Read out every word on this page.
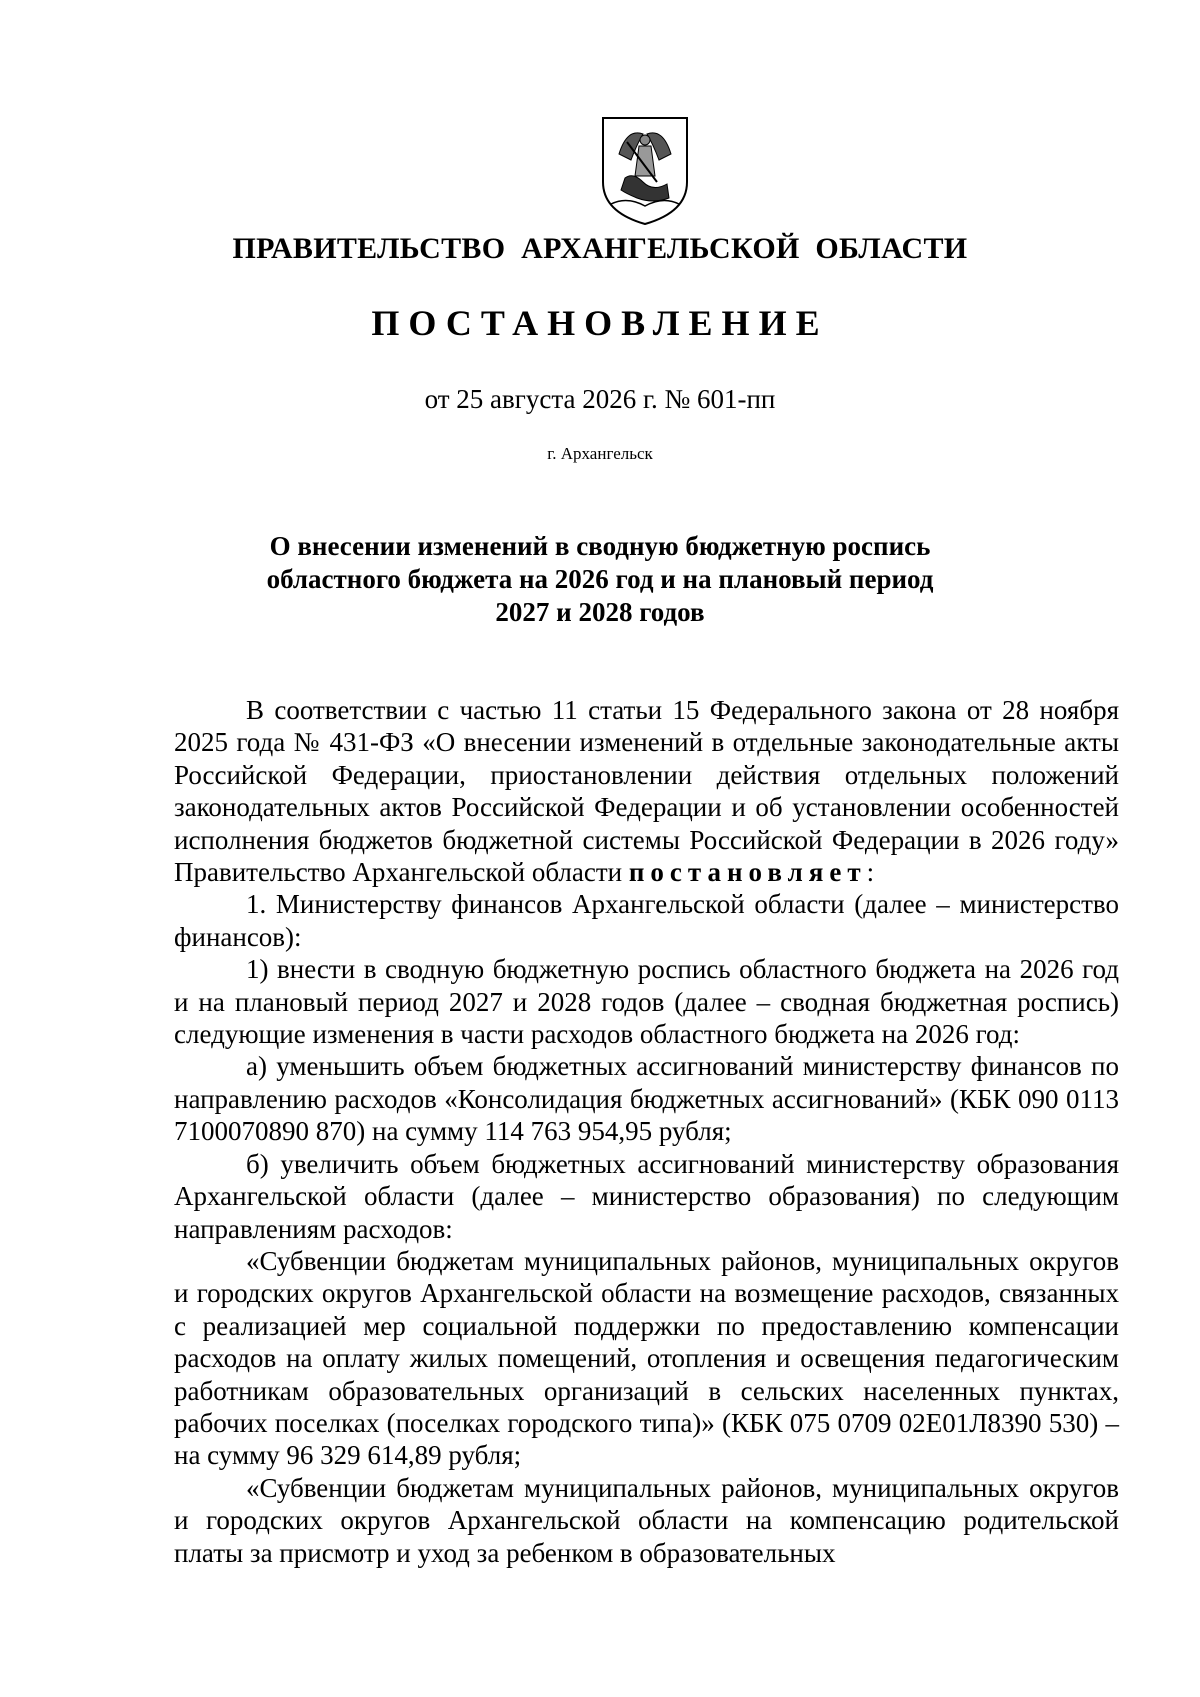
ПРАВИТЕЛЬСТВО АРХАНГЕЛЬСКОЙ ОБЛАСТИ
ПОСТАНОВЛЕНИЕ
от 25 августа 2026 г. № 601-пп
г. Архангельск
О внесении изменений в сводную бюджетную роспись
областного бюджета на 2026 год и на плановый период
2027 и 2028 годов

В соответствии с частью 11 статьи 15 Федерального закона от 28 ноября 2025 года № 431-ФЗ «О внесении изменений в отдельные законодательные акты Российской Федерации, приостановлении действия отдельных положений законодательных актов Российской Федерации и об установлении особенностей исполнения бюджетов бюджетной системы Российской Федерации в 2026 году» Правительство Архангельской области постановляет:

1. Министерству финансов Архангельской области (далее – министерство финансов):

1) внести в сводную бюджетную роспись областного бюджета на 2026 год и на плановый период 2027 и 2028 годов (далее – сводная бюджетная роспись) следующие изменения в части расходов областного бюджета на 2026 год:

а) уменьшить объем бюджетных ассигнований министерству финансов по направлению расходов «Консолидация бюджетных ассигнований» (КБК 090 0113 7100070890 870) на сумму 114 763 954,95 рубля;

б) увеличить объем бюджетных ассигнований министерству образования Архангельской области (далее – министерство образования) по следующим направлениям расходов:

«Субвенции бюджетам муниципальных районов, муниципальных округов и городских округов Архангельской области на возмещение расходов, связанных с реализацией мер социальной поддержки по предоставлению компенсации расходов на оплату жилых помещений, отопления и освещения педагогическим работникам образовательных организаций в сельских населенных пунктах, рабочих поселках (поселках городского типа)» (КБК 075 0709 02Е01Л8390 530) – на сумму 96 329 614,89 рубля;

«Субвенции бюджетам муниципальных районов, муниципальных округов и городских округов Архангельской области на компенсацию родительской платы за присмотр и уход за ребенком в образовательных
